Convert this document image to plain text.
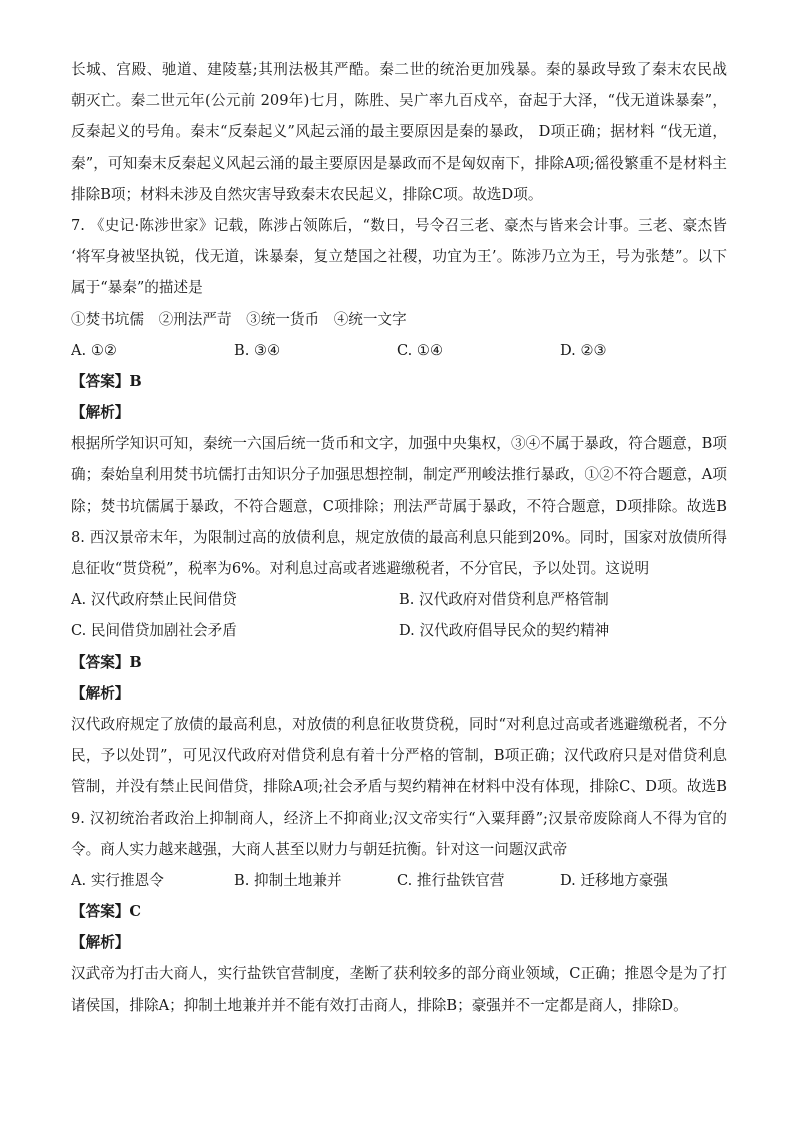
长城、宫殿、驰道、建陵墓;其刑法极其严酷。秦二世的统治更加残暴。秦的暴政导致了秦末农民战
朝灭亡。秦二世元年(公元前 209年)七月，陈胜、吴广率九百戍卒，奋起于大泽，“伐无道诛暴秦”，
反秦起义的号角。秦末“反秦起义”风起云涌的最主要原因是秦的暴政， D项正确；据材料 “伐无道，
秦”，可知秦末反秦起义风起云涌的最主要原因是暴政而不是匈奴南下，排除A项;徭役繁重不是材料主
排除B项；材料未涉及自然灾害导致秦末农民起义，排除C项。故选D项。
7. 《史记·陈涉世家》记载，陈涉占领陈后，“数日，号令召三老、豪杰与皆来会计事。三老、豪杰皆
‘将军身被坚执锐，伐无道，诛暴秦，复立楚国之社稷，功宜为王’。陈涉乃立为王，号为张楚”。以下
属于“暴秦”的描述是
①焚书坑儒　②刑法严苛　③统一货币　④统一文字
A. ①②	B. ③④	C. ①④	D. ②③
【答案】B
【解析】
根据所学知识可知，秦统一六国后统一货币和文字，加强中央集权，③④不属于暴政，符合题意，B项
确；秦始皇利用焚书坑儒打击知识分子加强思想控制，制定严刑峻法推行暴政，①②不符合题意，A项
除；焚书坑儒属于暴政，不符合题意，C项排除；刑法严苛属于暴政，不符合题意，D项排除。故选B
8. 西汉景帝末年，为限制过高的放债利息，规定放债的最高利息只能到20%。同时，国家对放债所得
息征收“贳贷税”，税率为6%。对利息过高或者逃避缴税者，不分官民，予以处罚。这说明
A. 汉代政府禁止民间借贷	B. 汉代政府对借贷利息严格管制
C. 民间借贷加剧社会矛盾	D. 汉代政府倡导民众的契约精神
【答案】B
【解析】
汉代政府规定了放债的最高利息，对放债的利息征收贳贷税，同时“对利息过高或者逃避缴税者，不分
民，予以处罚”，可见汉代政府对借贷利息有着十分严格的管制，B项正确；汉代政府只是对借贷利息
管制，并没有禁止民间借贷，排除A项;社会矛盾与契约精神在材料中没有体现，排除C、D项。故选B
9. 汉初统治者政治上抑制商人，经济上不抑商业;汉文帝实行“入粟拜爵”;汉景帝废除商人不得为官的
令。商人实力越来越强，大商人甚至以财力与朝廷抗衡。针对这一问题汉武帝
A. 实行推恩令	B. 抑制土地兼并	C. 推行盐铁官营	D. 迁移地方豪强
【答案】C
【解析】
汉武帝为打击大商人，实行盐铁官营制度，垄断了获利较多的部分商业领域，C正确；推恩令是为了打
诸侯国，排除A；抑制土地兼并并不能有效打击商人，排除B；豪强并不一定都是商人，排除D。
